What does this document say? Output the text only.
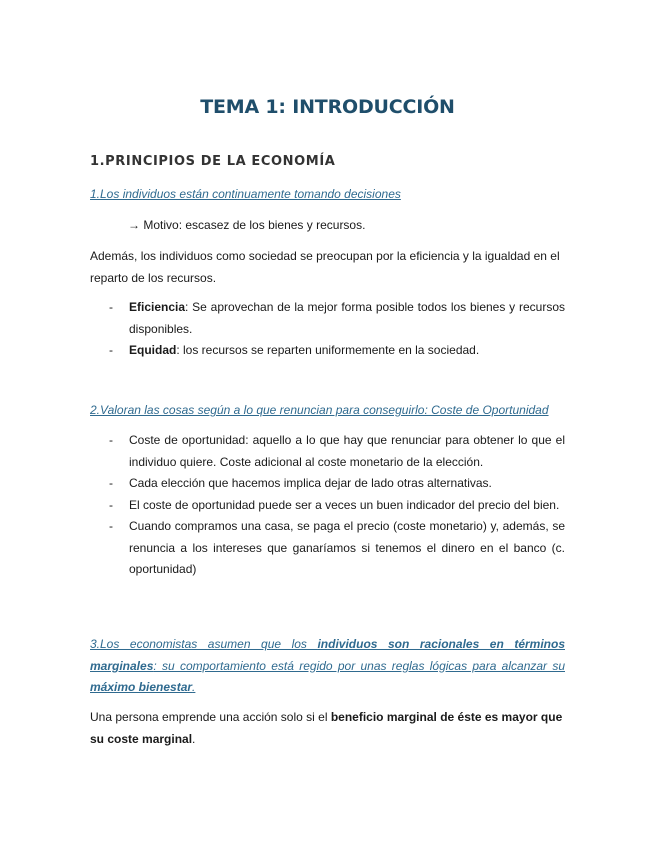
TEMA 1: INTRODUCCIÓN
1.PRINCIPIOS DE LA ECONOMÍA

1.Los individuos están continuamente tomando decisiones

→ Motivo: escasez de los bienes y recursos.

Además, los individuos como sociedad se preocupan por la eficiencia y la igualdad en el reparto de los recursos.

- Eficiencia: Se aprovechan de la mejor forma posible todos los bienes y recursos disponibles.
- Equidad: los recursos se reparten uniformemente en la sociedad.

2.Valoran las cosas según a lo que renuncian para conseguirlo: Coste de Oportunidad

- Coste de oportunidad: aquello a lo que hay que renunciar para obtener lo que el individuo quiere. Coste adicional al coste monetario de la elección.
- Cada elección que hacemos implica dejar de lado otras alternativas.
- El coste de oportunidad puede ser a veces un buen indicador del precio del bien.
- Cuando compramos una casa, se paga el precio (coste monetario) y, además, se renuncia a los intereses que ganaríamos si tenemos el dinero en el banco (c. oportunidad)

3.Los economistas asumen que los individuos son racionales en términos marginales: su comportamiento está regido por unas reglas lógicas para alcanzar su máximo bienestar.

Una persona emprende una acción solo si el beneficio marginal de éste es mayor que su coste marginal.
